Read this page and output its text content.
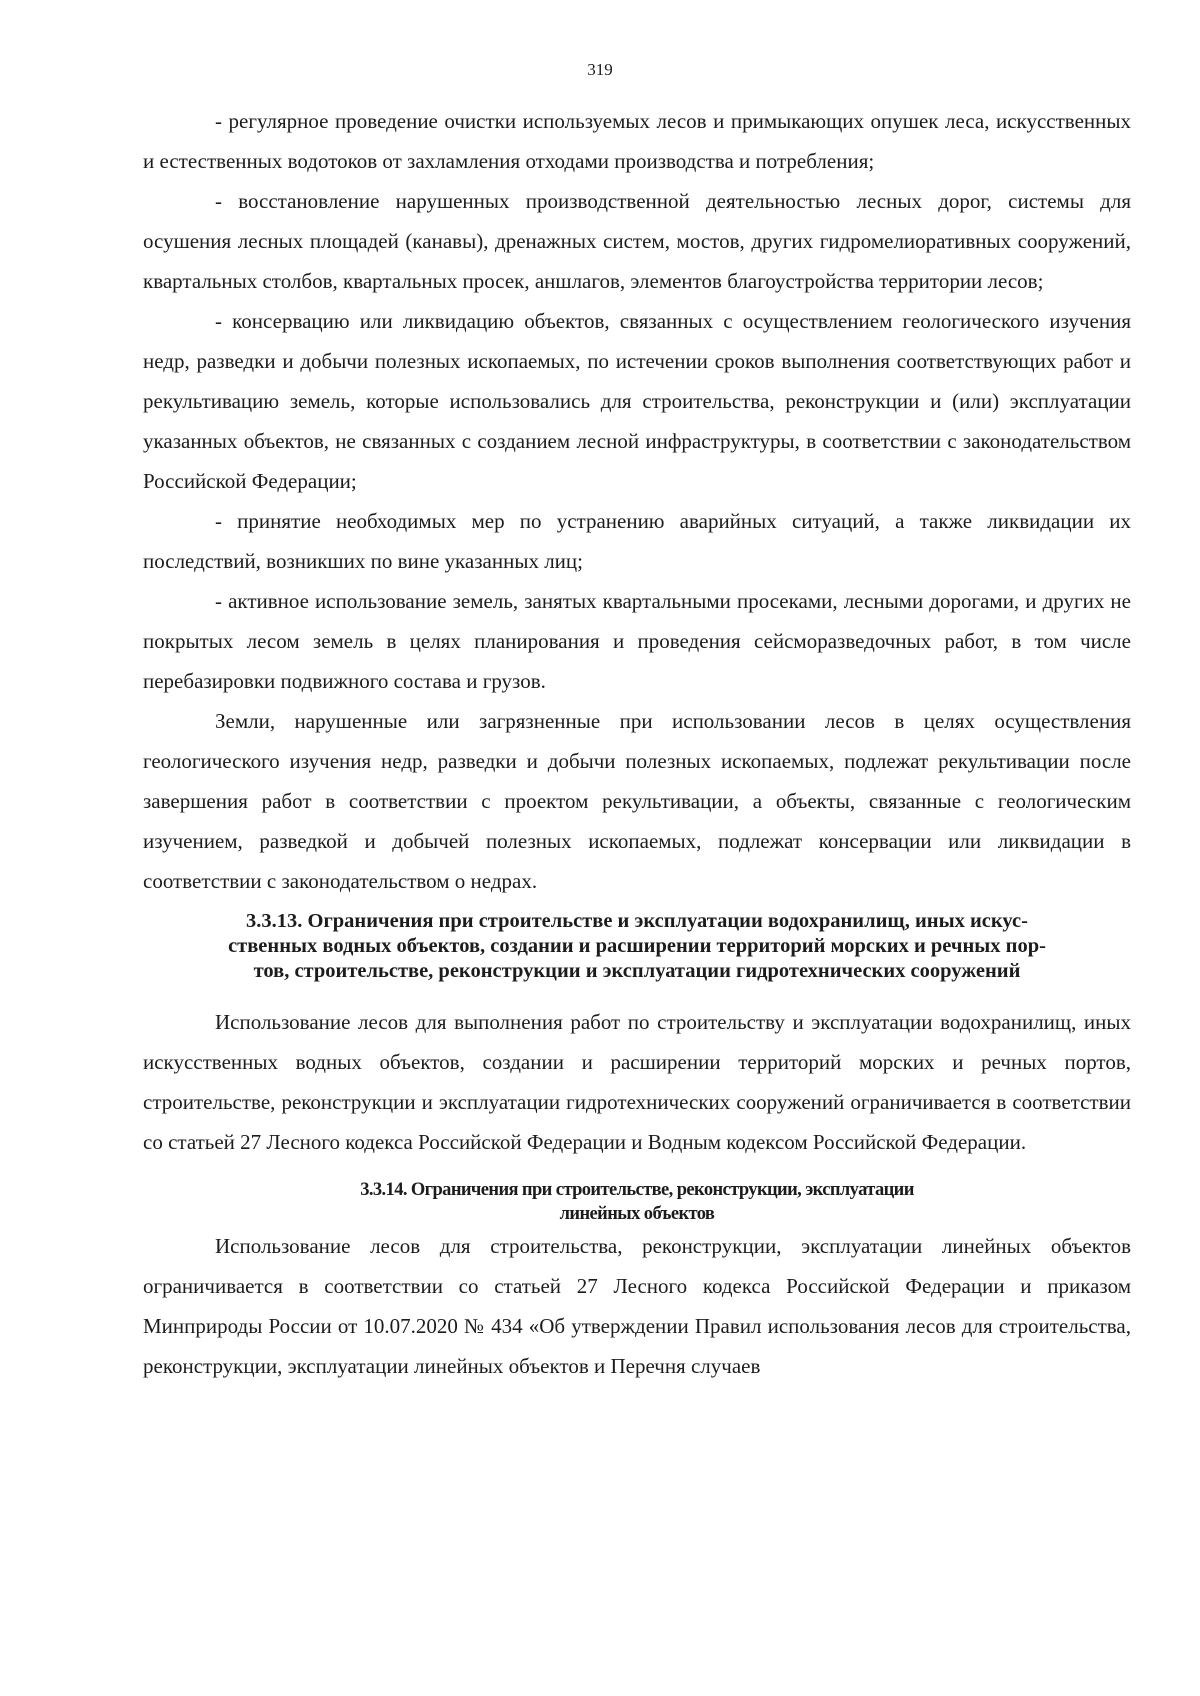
319

- регулярное проведение очистки используемых лесов и примыкающих опушек леса, искусственных и естественных водотоков от захламления отходами производства и потребления;

- восстановление нарушенных производственной деятельностью лесных дорог, системы для осушения лесных площадей (канавы), дренажных систем, мостов, других гидромелиоративных сооружений, квартальных столбов, квартальных просек, аншлагов, элементов благоустройства территории лесов;

- консервацию или ликвидацию объектов, связанных с осуществлением геологического изучения недр, разведки и добычи полезных ископаемых, по истечении сроков выполнения соответствующих работ и рекультивацию земель, которые использовались для строительства, реконструкции и (или) эксплуатации указанных объектов, не связанных с созданием лесной инфраструктуры, в соответствии с законодательством Российской Федерации;

- принятие необходимых мер по устранению аварийных ситуаций, а также ликвидации их последствий, возникших по вине указанных лиц;

- активное использование земель, занятых квартальными просеками, лесными дорогами, и других не покрытых лесом земель в целях планирования и проведения сейсморазведочных работ, в том числе перебазировки подвижного состава и грузов.

Земли, нарушенные или загрязненные при использовании лесов в целях осуществления геологического изучения недр, разведки и добычи полезных ископаемых, подлежат рекультивации после завершения работ в соответствии с проектом рекультивации, а объекты, связанные с геологическим изучением, разведкой и добычей полезных ископаемых, подлежат консервации или ликвидации в соответствии с законодательством о недрах.

3.3.13. Ограничения при строительстве и эксплуатации водохранилищ, иных искус-
ственных водных объектов, создании и расширении территорий морских и речных пор-
тов, строительстве, реконструкции и эксплуатации гидротехнических сооружений

Использование лесов для выполнения работ по строительству и эксплуатации водохранилищ, иных искусственных водных объектов, создании и расширении территорий морских и речных портов, строительстве, реконструкции и эксплуатации гидротехнических сооружений ограничивается в соответствии со статьей 27 Лесного кодекса Российской Федерации и Водным кодексом Российской Федерации.

3.3.14. Ограничения при строительстве, реконструкции, эксплуатации
линейных объектов

Использование лесов для строительства, реконструкции, эксплуатации линейных объектов ограничивается в соответствии со статьей 27 Лесного кодекса Российской Федерации и приказом Минприроды России от 10.07.2020 № 434 «Об утверждении Правил использования лесов для строительства, реконструкции, эксплуатации линейных объектов и Перечня случаев
